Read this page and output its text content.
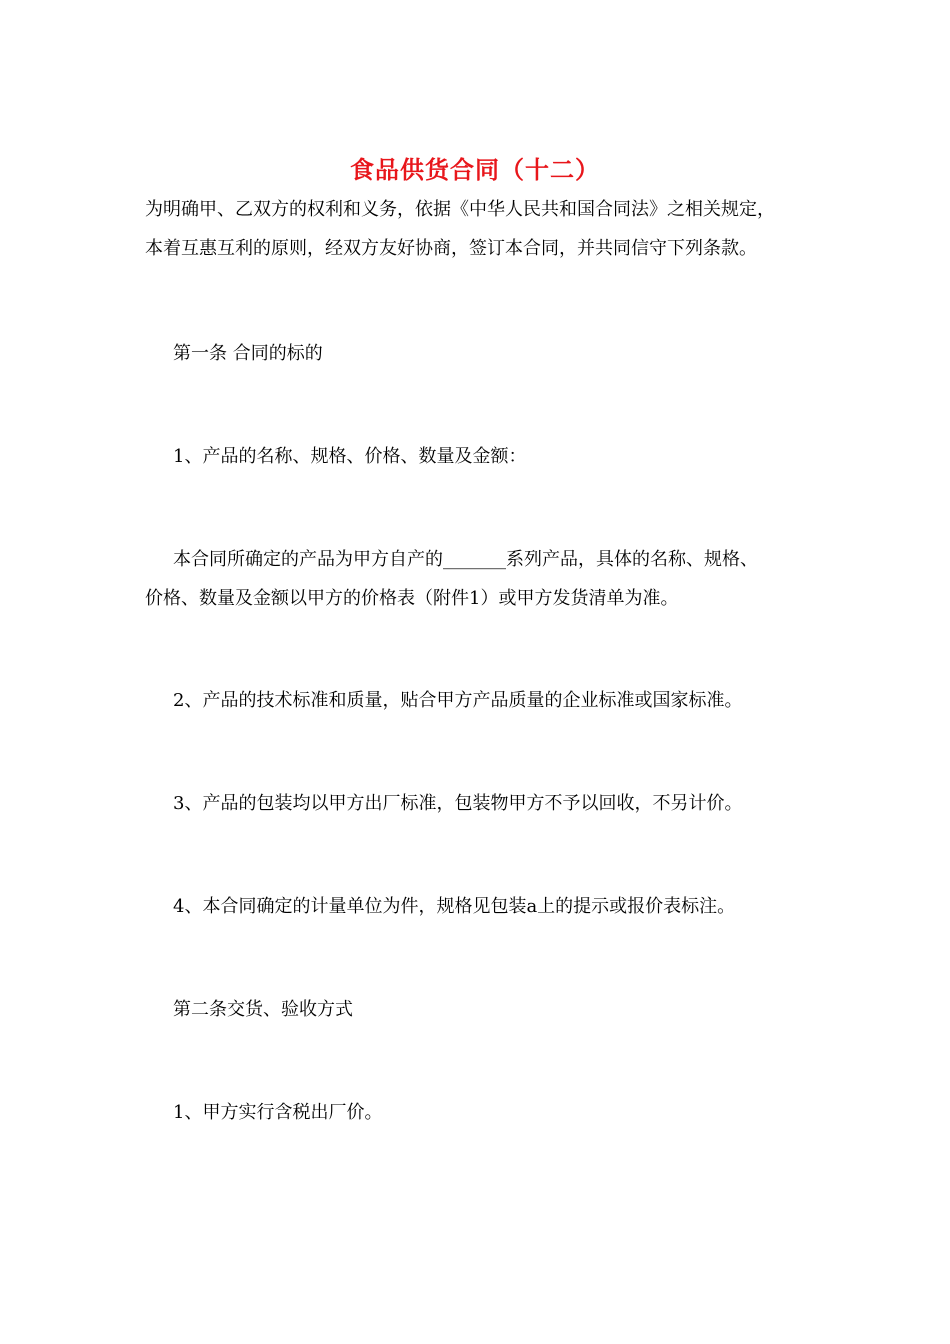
食品供货合同（十二）
为明确甲、乙双方的权利和义务，依据《中华人民共和国合同法》之相关规定，
本着互惠互利的原则，经双方友好协商，签订本合同，并共同信守下列条款。
第一条 合同的标的
1、产品的名称、规格、价格、数量及金额：
本合同所确定的产品为甲方自产的_______系列产品，具体的名称、规格、
价格、数量及金额以甲方的价格表（附件1）或甲方发货清单为准。
2、产品的技术标准和质量，贴合甲方产品质量的企业标准或国家标准。
3、产品的包装均以甲方出厂标准，包装物甲方不予以回收，不另计价。
4、本合同确定的计量单位为件，规格见包装a上的提示或报价表标注。
第二条交货、验收方式
1、甲方实行含税出厂价。
